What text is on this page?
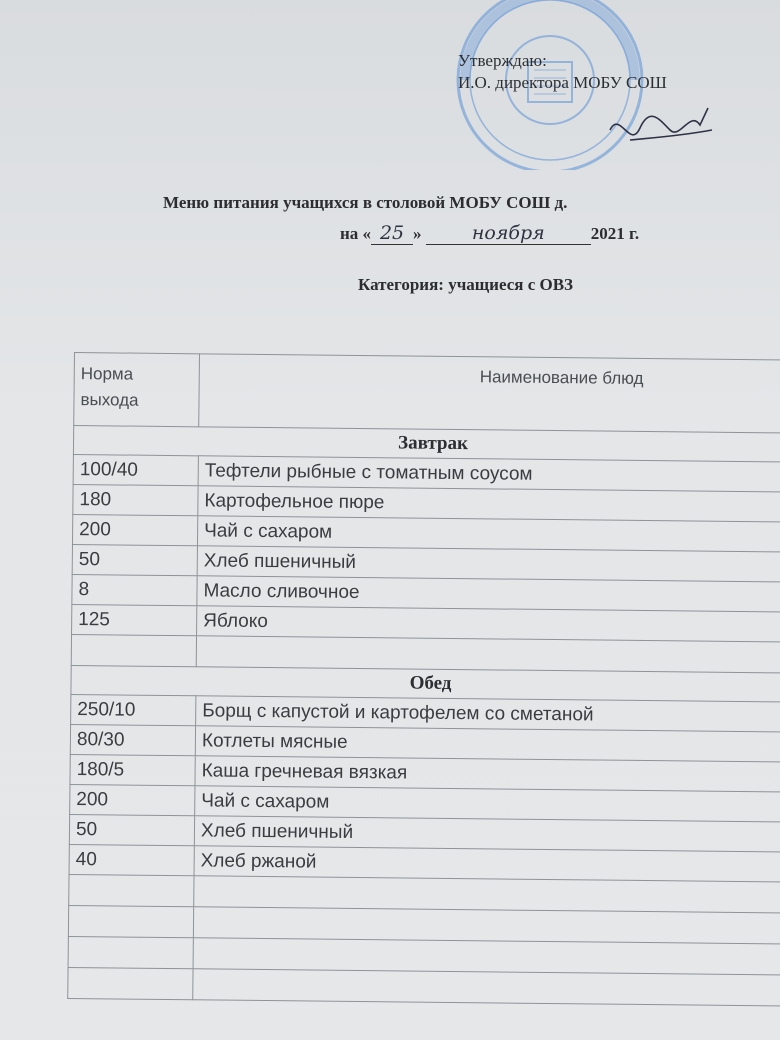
Утверждаю:
И.О. директора МОБУ СОШ
Меню питания учащихся в столовой МОБУ СОШ д.
на « 25 »	ноября	2021 г.
Категория: учащиеся с ОВЗ
Норма выхода	Наименование блюд
Завтрак	
100/40	Тефтели рыбные с томатным соусом
180	Картофельное пюре
200	Чай с сахаром
50	Хлеб пшеничный
8	Масло сливочное
125	Яблоко

Обед	
250/10	Борщ с капустой и картофелем со сметаной
80/30	Котлеты мясные
180/5	Каша гречневая вязкая
200	Чай с сахаром
50	Хлеб пшеничный
40	Хлеб ржаной
